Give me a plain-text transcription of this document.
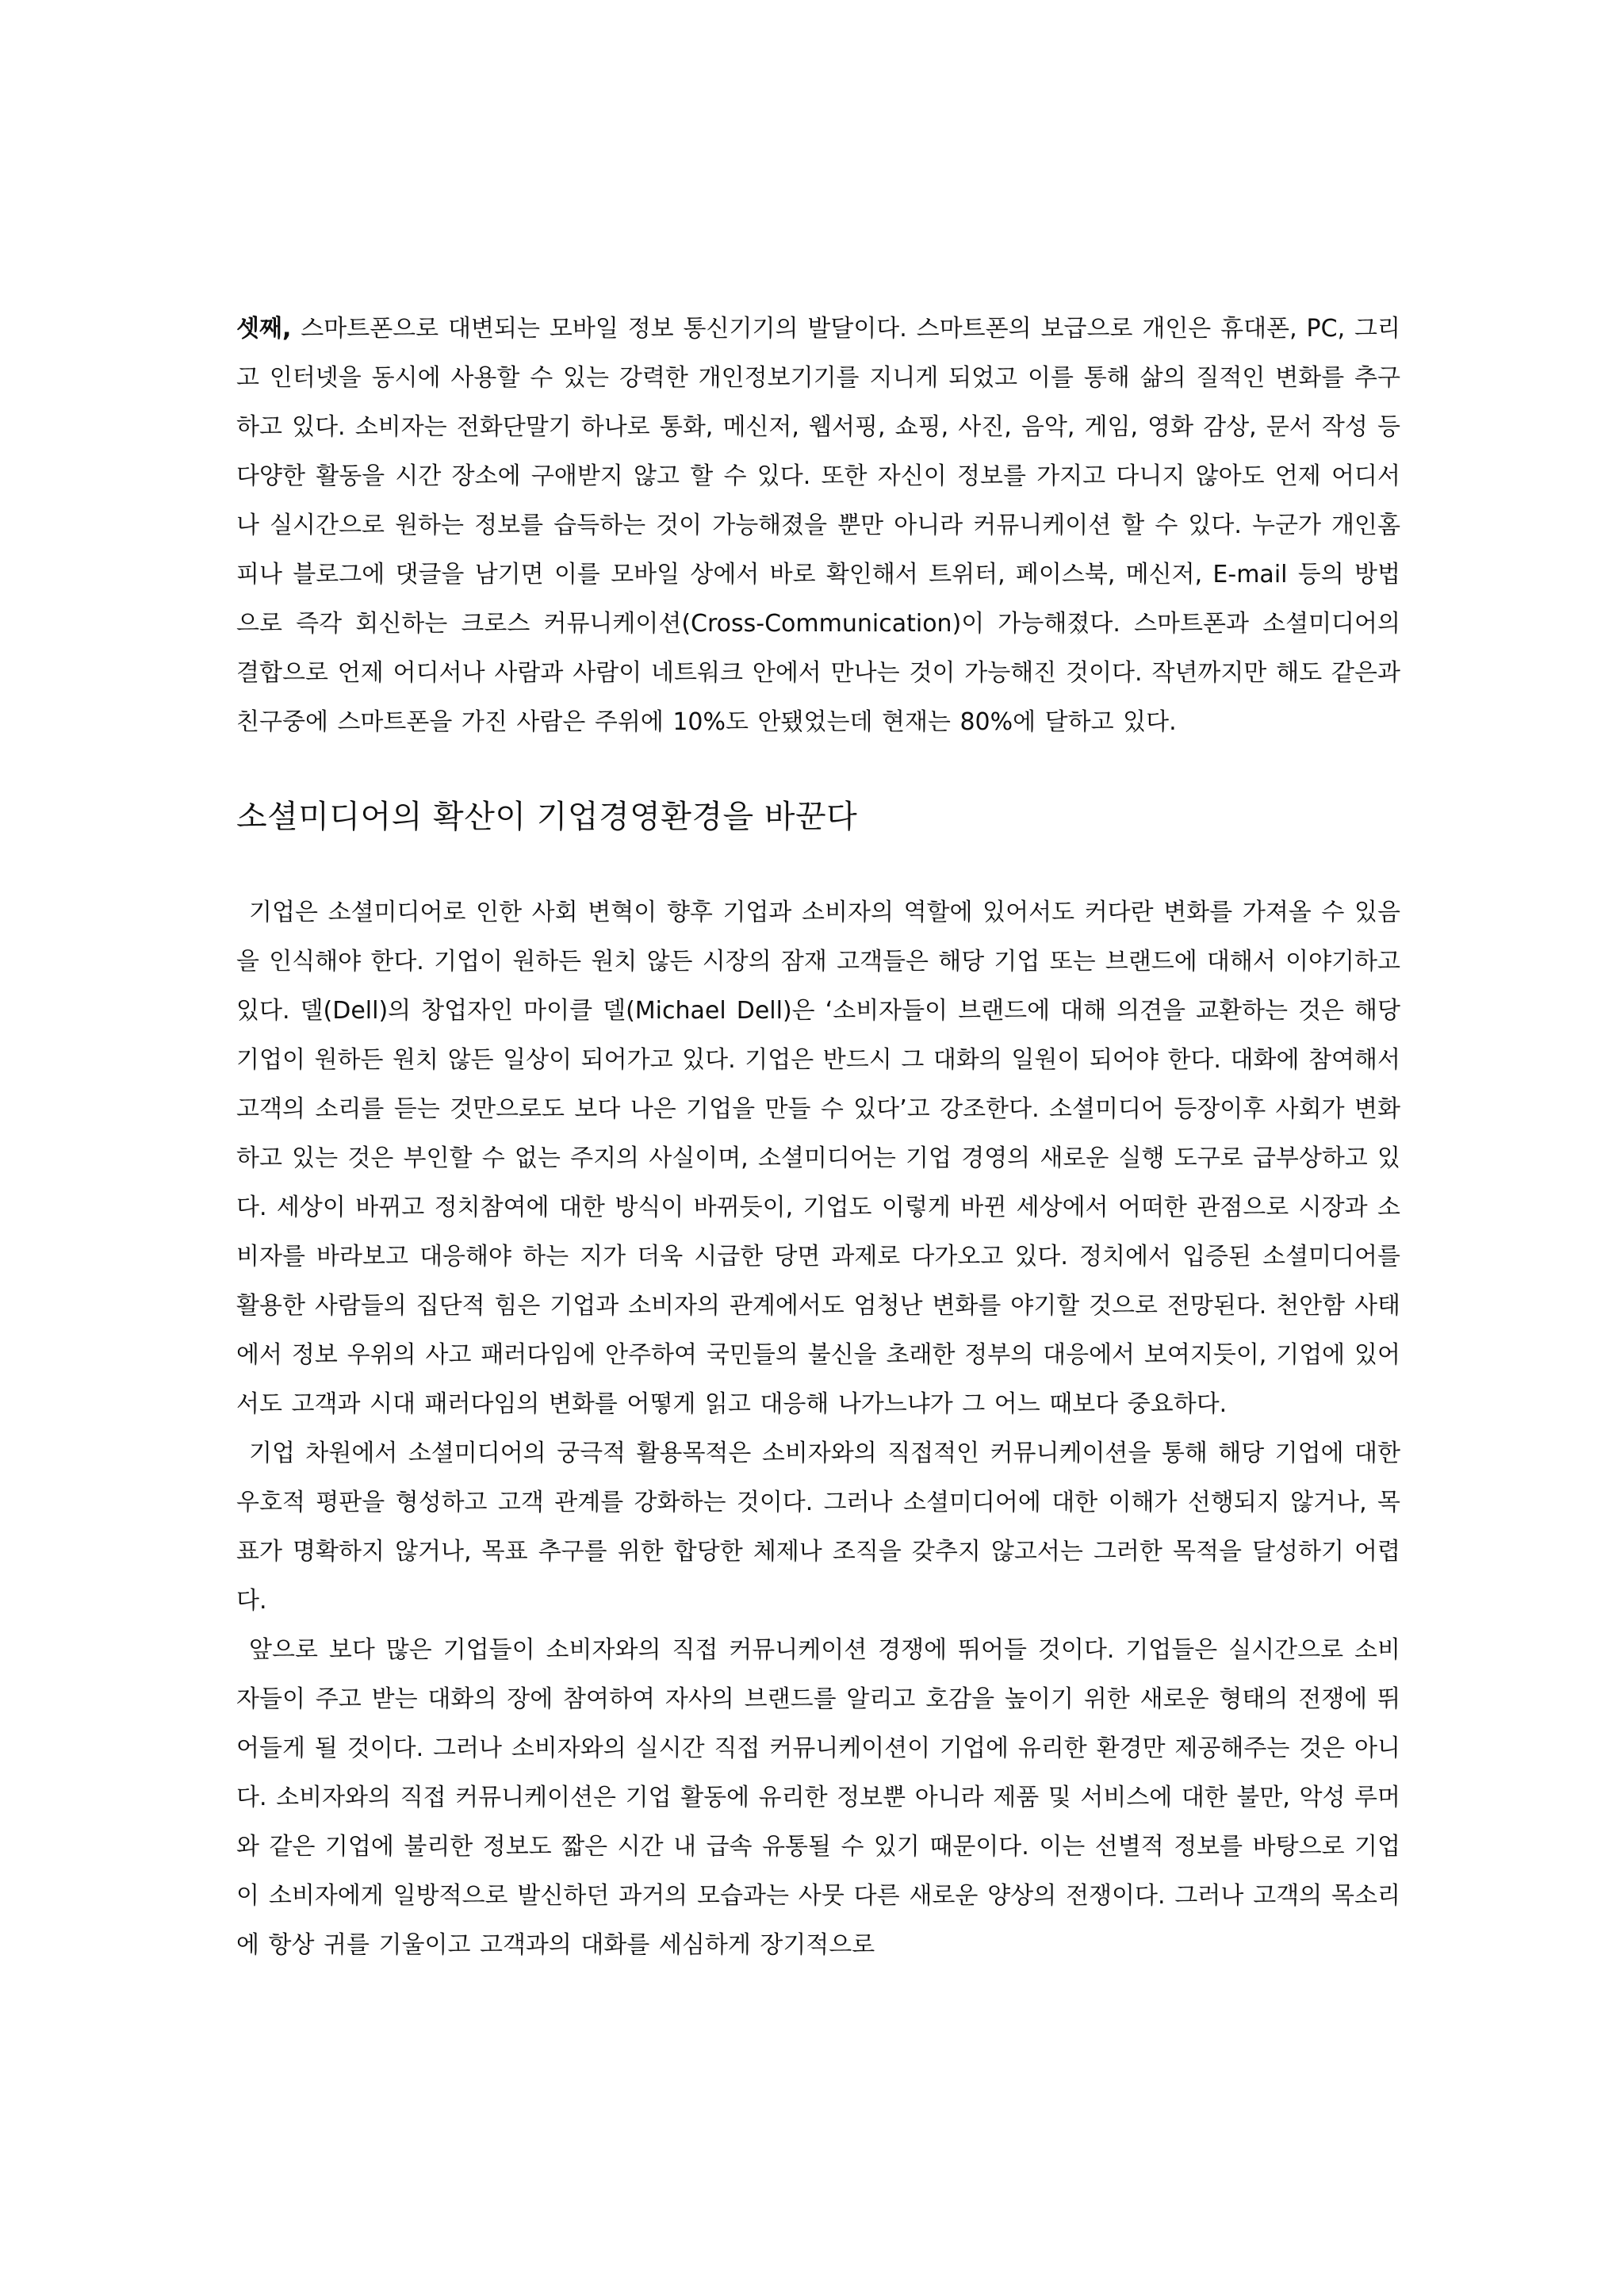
셋째, 스마트폰으로 대변되는 모바일 정보 통신기기의 발달이다. 스마트폰의 보급으로 개인은 휴대폰, PC, 그리고 인터넷을 동시에 사용할 수 있는 강력한 개인정보기기를 지니게 되었고 이를 통해 삶의 질적인 변화를 추구하고 있다. 소비자는 전화단말기 하나로 통화, 메신저, 웹서핑, 쇼핑, 사진, 음악, 게임, 영화 감상, 문서 작성 등 다양한 활동을 시간 장소에 구애받지 않고 할 수 있다. 또한 자신이 정보를 가지고 다니지 않아도 언제 어디서나 실시간으로 원하는 정보를 습득하는 것이 가능해졌을 뿐만 아니라 커뮤니케이션 할 수 있다. 누군가 개인홈피나 블로그에 댓글을 남기면 이를 모바일 상에서 바로 확인해서 트위터, 페이스북, 메신저, E-mail 등의 방법으로 즉각 회신하는 크로스 커뮤니케이션(Cross-Communication)이 가능해졌다. 스마트폰과 소셜미디어의 결합으로 언제 어디서나 사람과 사람이 네트워크 안에서 만나는 것이 가능해진 것이다. 작년까지만 해도 같은과 친구중에 스마트폰을 가진 사람은 주위에 10%도 안됐었는데 현재는 80%에 달하고 있다.

소셜미디어의 확산이 기업경영환경을 바꾼다

기업은 소셜미디어로 인한 사회 변혁이 향후 기업과 소비자의 역할에 있어서도 커다란 변화를 가져올 수 있음을 인식해야 한다. 기업이 원하든 원치 않든 시장의 잠재 고객들은 해당 기업 또는 브랜드에 대해서 이야기하고 있다. 델(Dell)의 창업자인 마이클 델(Michael Dell)은 ‘소비자들이 브랜드에 대해 의견을 교환하는 것은 해당 기업이 원하든 원치 않든 일상이 되어가고 있다. 기업은 반드시 그 대화의 일원이 되어야 한다. 대화에 참여해서 고객의 소리를 듣는 것만으로도 보다 나은 기업을 만들 수 있다’고 강조한다. 소셜미디어 등장이후 사회가 변화하고 있는 것은 부인할 수 없는 주지의 사실이며, 소셜미디어는 기업 경영의 새로운 실행 도구로 급부상하고 있다. 세상이 바뀌고 정치참여에 대한 방식이 바뀌듯이, 기업도 이렇게 바뀐 세상에서 어떠한 관점으로 시장과 소비자를 바라보고 대응해야 하는 지가 더욱 시급한 당면 과제로 다가오고 있다. 정치에서 입증된 소셜미디어를 활용한 사람들의 집단적 힘은 기업과 소비자의 관계에서도 엄청난 변화를 야기할 것으로 전망된다. 천안함 사태에서 정보 우위의 사고 패러다임에 안주하여 국민들의 불신을 초래한 정부의 대응에서 보여지듯이, 기업에 있어서도 고객과 시대 패러다임의 변화를 어떻게 읽고 대응해 나가느냐가 그 어느 때보다 중요하다.

기업 차원에서 소셜미디어의 궁극적 활용목적은 소비자와의 직접적인 커뮤니케이션을 통해 해당 기업에 대한 우호적 평판을 형성하고 고객 관계를 강화하는 것이다. 그러나 소셜미디어에 대한 이해가 선행되지 않거나, 목표가 명확하지 않거나, 목표 추구를 위한 합당한 체제나 조직을 갖추지 않고서는 그러한 목적을 달성하기 어렵다.

앞으로 보다 많은 기업들이 소비자와의 직접 커뮤니케이션 경쟁에 뛰어들 것이다. 기업들은 실시간으로 소비자들이 주고 받는 대화의 장에 참여하여 자사의 브랜드를 알리고 호감을 높이기 위한 새로운 형태의 전쟁에 뛰어들게 될 것이다. 그러나 소비자와의 실시간 직접 커뮤니케이션이 기업에 유리한 환경만 제공해주는 것은 아니다. 소비자와의 직접 커뮤니케이션은 기업 활동에 유리한 정보뿐 아니라 제품 및 서비스에 대한 불만, 악성 루머와 같은 기업에 불리한 정보도 짧은 시간 내 급속 유통될 수 있기 때문이다. 이는 선별적 정보를 바탕으로 기업이 소비자에게 일방적으로 발신하던 과거의 모습과는 사뭇 다른 새로운 양상의 전쟁이다. 그러나 고객의 목소리에 항상 귀를 기울이고 고객과의 대화를 세심하게 장기적으로
